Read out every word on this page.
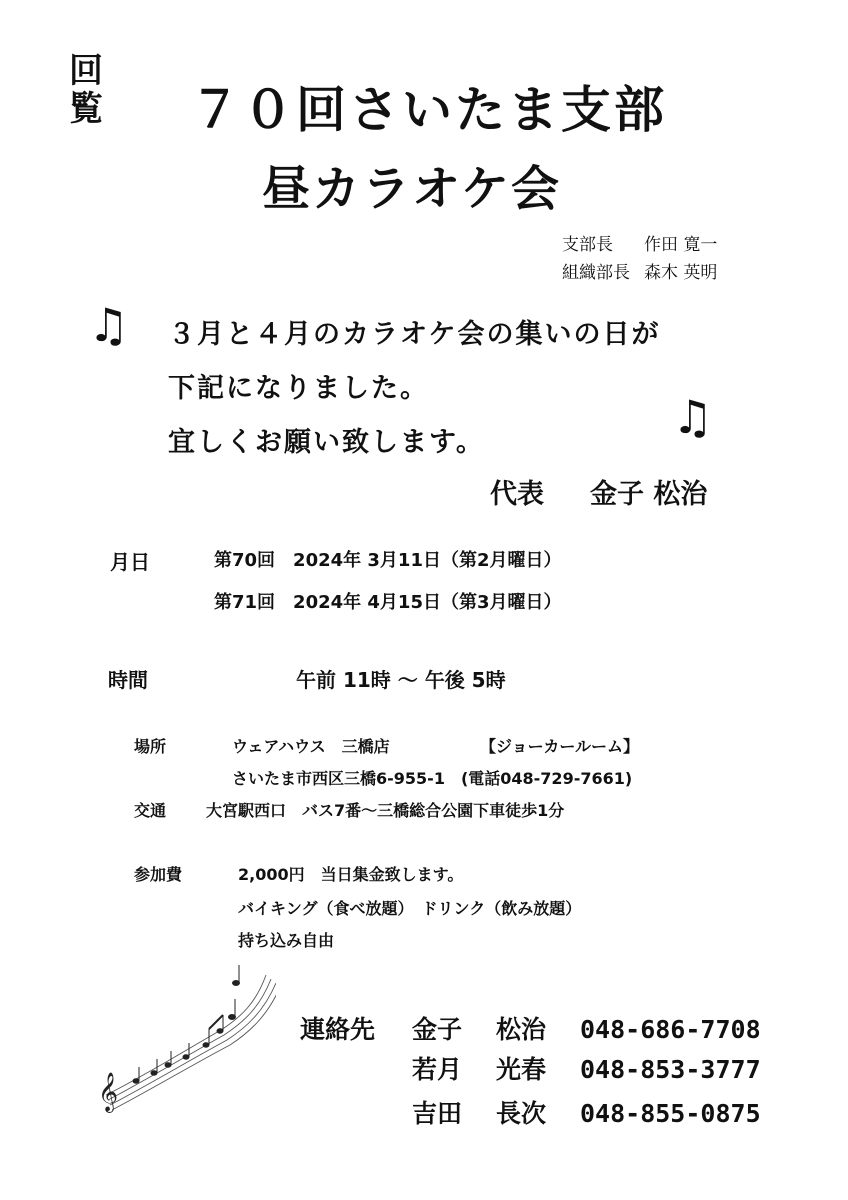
回
覧 ７０回さいたま支部
昼カラオケ会
支部長 作田 寛一
組織部長 森木 英明
♫
♫
３月と４月のカラオケ会の集いの日が
下記になりました。
宜しくお願い致します。
代表 金子 松治
月日	第70回　2024年 3月11日（第2月曜日）
第71回　2024年 4月15日（第3月曜日）
時間	午前 11時 ～ 午後 5時
場所	ウェアハウス　三橋店	【ジョーカールーム】
さいたま市西区三橋6-955-1　(電話048-729-7661)
交通 大宮駅西口　バス7番～三橋総合公園下車徒歩1分
参加費	2,000円　当日集金致します。
バイキング（食べ放題）　ドリンク（飲み放題）
持ち込み自由
𝄞
連絡先 金子 松治 048-686-7708
若月 光春 048-853-3777
吉田 長次 048-855-0875
